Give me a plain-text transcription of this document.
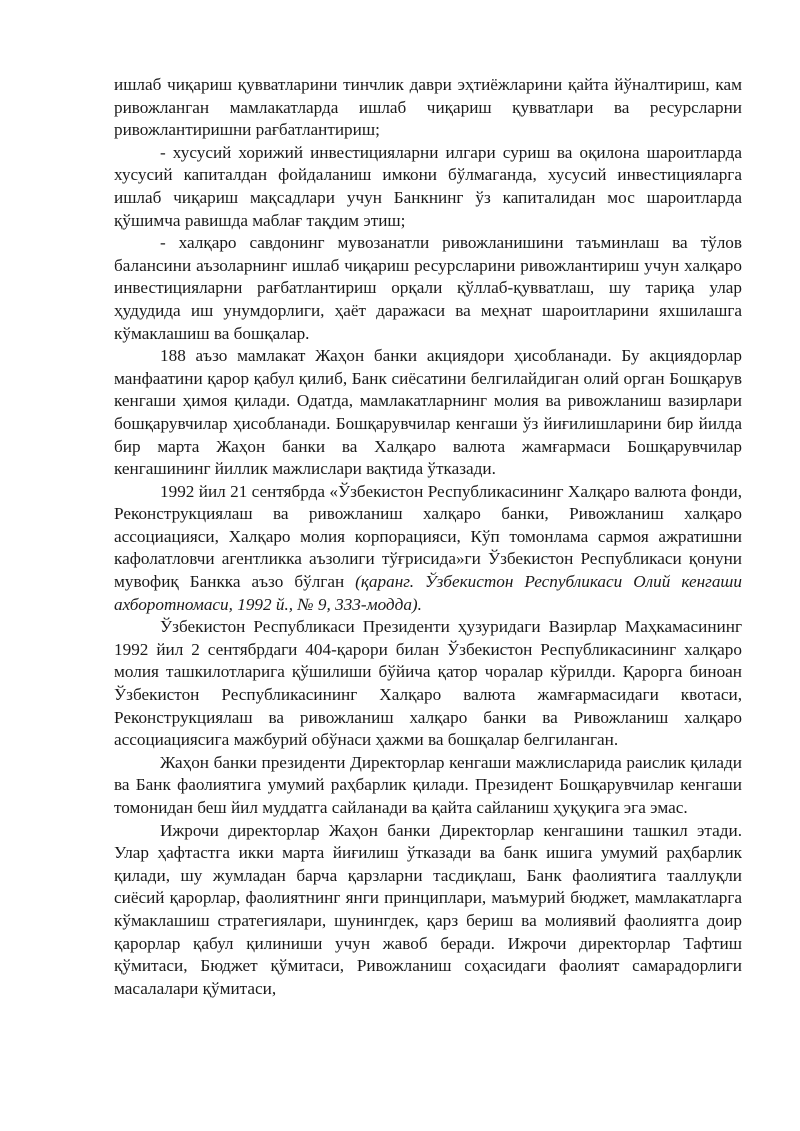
ишлаб чиқариш қувватларини тинчлик даври эҳтиёжларини қайта йўналтириш, кам ривожланган мамлакатларда ишлаб чиқариш қувватлари ва ресурсларни ривожлантиришни рағбатлантириш;

- хусусий хорижий инвестицияларни илгари суриш ва оқилона шароитларда хусусий капиталдан фойдаланиш имкони бўлмаганда, хусусий инвестицияларга ишлаб чиқариш мақсадлари учун Банкнинг ўз капиталидан мос шароитларда қўшимча равишда маблағ тақдим этиш;

- халқаро савдонинг мувозанатли ривожланишини таъминлаш ва тўлов балансини аъзоларнинг ишлаб чиқариш ресурсларини ривожлантириш учун халқаро инвестицияларни рағбатлантириш орқали қўллаб-қувватлаш, шу тариқа улар ҳудудида иш унумдорлиги, ҳаёт даражаси ва меҳнат шароитларини яхшилашга кўмаклашиш ва бошқалар.

188 аъзо мамлакат Жаҳон банки акциядори ҳисобланади. Бу акциядорлар манфаатини қарор қабул қилиб, Банк сиёсатини белгилайдиган олий орган Бошқарув кенгаши ҳимоя қилади. Одатда, мамлакатларнинг молия ва ривожланиш вазирлари бошқарувчилар ҳисобланади. Бошқарувчилар кенгаши ўз йиғилишларини бир йилда бир марта Жаҳон банки ва Халқаро валюта жамғармаси Бошқарувчилар кенгашининг йиллик мажлислари вақтида ўтказади.

1992 йил 21 сентябрда «Ўзбекистон Республикасининг Халқаро валюта фонди, Реконструкциялаш ва ривожланиш халқаро банки, Ривожланиш халқаро ассоциацияси, Халқаро молия корпорацияси, Кўп томонлама сармоя ажратишни кафолатловчи агентликка аъзолиги тўғрисида»ги Ўзбекистон Республикаси қонуни мувофиқ Банкка аъзо бўлган (қаранг. Ўзбекистон Республикаси Олий кенгаши ахборотномаси, 1992 й., № 9, 333-модда).

Ўзбекистон Республикаси Президенти ҳузуридаги Вазирлар Маҳкамасининг 1992 йил 2 сентябрдаги 404-қарори билан Ўзбекистон Республикасининг халқаро молия ташкилотларига қўшилиши бўйича қатор чоралар кўрилди. Қарорга биноан Ўзбекистон Республикасининг Халқаро валюта жамғармасидаги квотаси, Реконструкциялаш ва ривожланиш халқаро банки ва Ривожланиш халқаро ассоциациясига мажбурий обўнаси ҳажми ва бошқалар белгиланган.

Жаҳон банки президенти Директорлар кенгаши мажлисларида раислик қилади ва Банк фаолиятига умумий раҳбарлик қилади. Президент Бошқарувчилар кенгаши томонидан беш йил муддатга сайланади ва қайта сайланиш ҳуқуқига эга эмас.

Ижрочи директорлар Жаҳон банки Директорлар кенгашини ташкил этади. Улар ҳафтастга икки марта йиғилиш ўтказади ва банк ишига умумий раҳбарлик қилади, шу жумладан барча қарзларни тасдиқлаш, Банк фаолиятига тааллуқли сиёсий қарорлар, фаолиятнинг янги принциплари, маъмурий бюджет, мамлакатларга кўмаклашиш стратегиялари, шунингдек, қарз бериш ва молиявий фаолиятга доир қарорлар қабул қилиниши учун жавоб беради. Ижрочи директорлар Тафтиш қўмитаси, Бюджет қўмитаси, Ривожланиш соҳасидаги фаолият самарадорлиги масалалари қўмитаси,
